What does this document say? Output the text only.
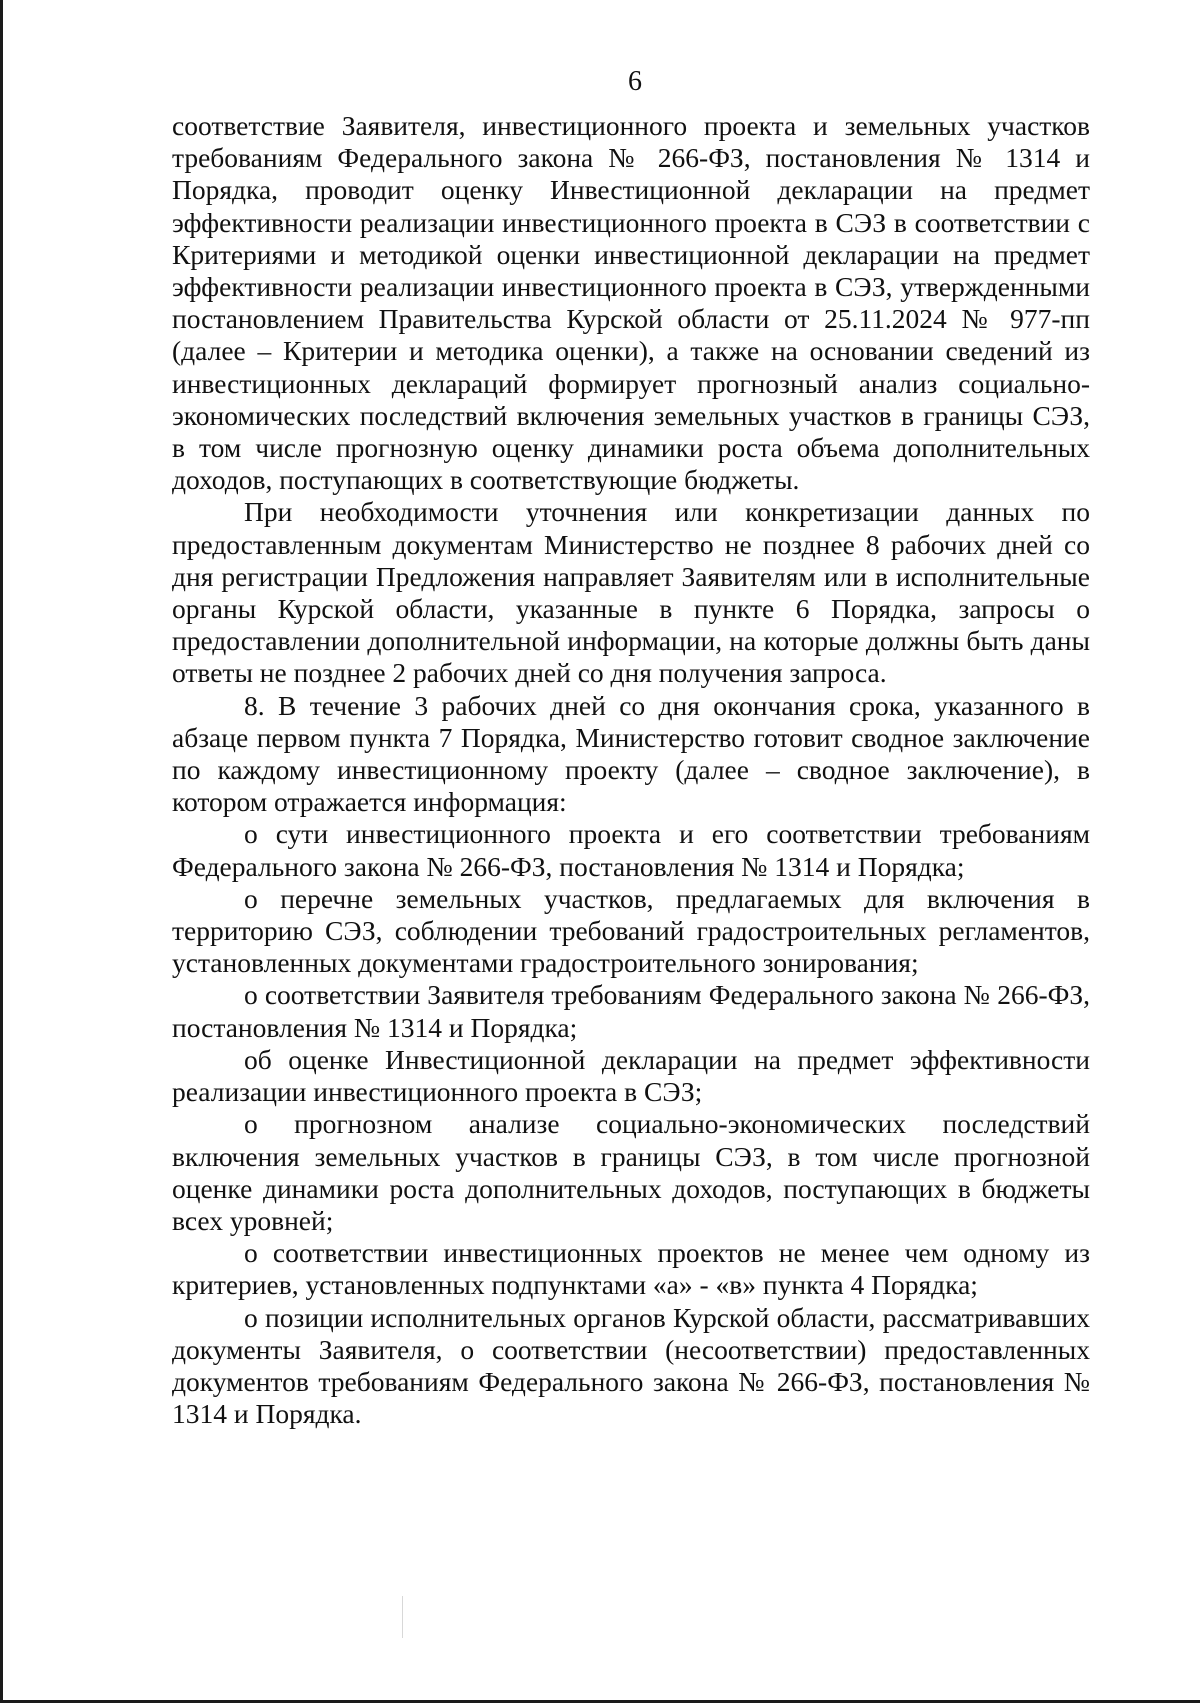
6

соответствие Заявителя, инвестиционного проекта и земельных участков требованиям Федерального закона № 266-ФЗ, постановления № 1314 и Порядка, проводит оценку Инвестиционной декларации на предмет эффективности реализации инвестиционного проекта в СЭЗ в соответствии с Критериями и методикой оценки инвестиционной декларации на предмет эффективности реализации инвестиционного проекта в СЭЗ, утвержденными постановлением Правительства Курской области от 25.11.2024 № 977-пп (далее – Критерии и методика оценки), а также на основании сведений из инвестиционных деклараций формирует прогнозный анализ социально-экономических последствий включения земельных участков в границы СЭЗ, в том числе прогнозную оценку динамики роста объема дополнительных доходов, поступающих в соответствующие бюджеты.

При необходимости уточнения или конкретизации данных по предоставленным документам Министерство не позднее 8 рабочих дней со дня регистрации Предложения направляет Заявителям или в исполнительные органы Курской области, указанные в пункте 6 Порядка, запросы о предоставлении дополнительной информации, на которые должны быть даны ответы не позднее 2 рабочих дней со дня получения запроса.

8. В течение 3 рабочих дней со дня окончания срока, указанного в абзаце первом пункта 7 Порядка, Министерство готовит сводное заключение по каждому инвестиционному проекту (далее – сводное заключение), в котором отражается информация:

о сути инвестиционного проекта и его соответствии требованиям Федерального закона № 266-ФЗ, постановления № 1314 и Порядка;

о перечне земельных участков, предлагаемых для включения в территорию СЭЗ, соблюдении требований градостроительных регламентов, установленных документами градостроительного зонирования;

о соответствии Заявителя требованиям Федерального закона № 266-ФЗ, постановления № 1314 и Порядка;

об оценке Инвестиционной декларации на предмет эффективности реализации инвестиционного проекта в СЭЗ;

о прогнозном анализе социально-экономических последствий включения земельных участков в границы СЭЗ, в том числе прогнозной оценке динамики роста дополнительных доходов, поступающих в бюджеты всех уровней;

о соответствии инвестиционных проектов не менее чем одному из критериев, установленных подпунктами «а» - «в» пункта 4 Порядка;

о позиции исполнительных органов Курской области, рассматривавших документы Заявителя, о соответствии (несоответствии) предоставленных документов требованиям Федерального закона № 266-ФЗ, постановления № 1314 и Порядка.
